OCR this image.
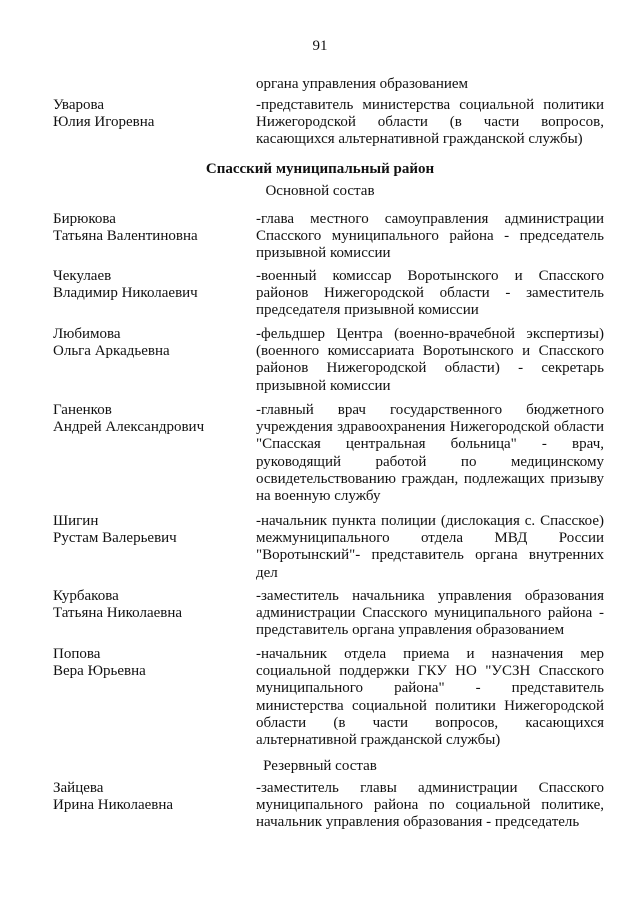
91
органа управления образованием
Уварова
Юлия Игоревна
-представитель министерства социальной политики Нижегородской области (в части вопросов, касающихся альтернативной гражданской службы)
Спасский муниципальный район
Основной состав
Бирюкова
Татьяна Валентиновна
-глава местного самоуправления администрации Спасского муниципального района - председатель призывной комиссии
Чекулаев
Владимир Николаевич
-военный комиссар Воротынского и Спасского районов Нижегородской области - заместитель председателя призывной комиссии
Любимова
Ольга Аркадьевна
-фельдшер Центра (военно-врачебной экспертизы) (военного комиссариата Воротынского и Спасского районов Нижегородской области) - секретарь призывной комиссии
Ганенков
Андрей Александрович
-главный врач государственного бюджетного учреждения здравоохранения Нижегородской области "Спасская центральная больница" - врач, руководящий работой по медицинскому освидетельствованию граждан, подлежащих призыву на военную службу
Шигин
Рустам Валерьевич
-начальник пункта полиции (дислокация с. Спасское) межмуниципального отдела МВД России "Воротынский"- представитель органа внутренних дел
Курбакова
Татьяна Николаевна
-заместитель начальника управления образования администрации Спасского муниципального района - представитель органа управления образованием
Попова
Вера Юрьевна
-начальник отдела приема и назначения мер социальной поддержки ГКУ НО "УСЗН Спасского муниципального района" - представитель министерства социальной политики Нижегородской области (в части вопросов, касающихся альтернативной гражданской службы)
Резервный состав
Зайцева
Ирина Николаевна
-заместитель главы администрации Спасского муниципального района по социальной политике, начальник управления образования - председатель
